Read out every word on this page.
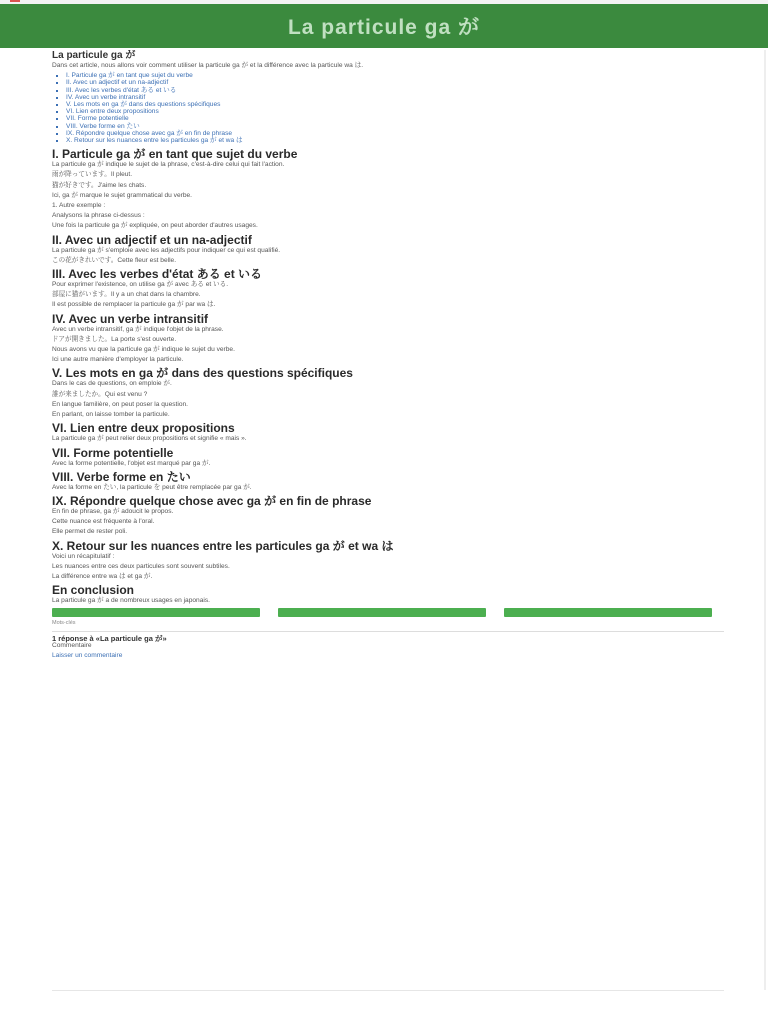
La particule ga が
La particule ga が

Dans cet article, nous allons voir comment utiliser la particule ga が et la différence avec la particule wa は.

▪ I. Particule ga が en tant que sujet du verbe
▪ II. Avec un adjectif et un na-adjectif
▪ III. Avec les verbes d'état ある et いる
▪ IV. Avec un verbe intransitif
▪ V. Les mots en ga が dans des questions spécifiques
▪ VI. Lien entre deux propositions
▪ VII. Forme potentielle
▪ VIII. Verbe forme en たい
▪ IX. Répondre quelque chose avec ga が en fin de phrase
▪ X. Retour sur les nuances entre les particules ga が et wa は
I. Particule ga が en tant que sujet du verbe

La particule ga が indique le sujet de la phrase, c'est-à-dire celui qui fait l'action.

雨が降っています。Il pleut.

猫が好きです。J'aime les chats.

Ici, ga が marque le sujet grammatical du verbe.

1. Autre exemple :

Analysons la phrase ci-dessus :

Une fois la particule ga が expliquée, on peut aborder d'autres usages.

II. Avec un adjectif et un na-adjectif

La particule ga が s'emploie avec les adjectifs pour indiquer ce qui est qualifié.

この花がきれいです。Cette fleur est belle.

III. Avec les verbes d'état ある et いる

Pour exprimer l'existence, on utilise ga が avec ある et いる.

部屋に猫がいます。Il y a un chat dans la chambre.

Il est possible de remplacer la particule ga が par wa は.

IV. Avec un verbe intransitif

Avec un verbe intransitif, ga が indique l'objet de la phrase.

ドアが開きました。La porte s'est ouverte.

Nous avons vu que la particule ga が indique le sujet du verbe.

Ici une autre manière d'employer la particule.

V. Les mots en ga が dans des questions spécifiques

Dans le cas de questions, on emploie が.

誰が来ましたか。Qui est venu ?

En langue familière, on peut poser la question.

En parlant, on laisse tomber la particule.

VI. Lien entre deux propositions

La particule ga が peut relier deux propositions et signifie « mais ».

VII. Forme potentielle

Avec la forme potentielle, l'objet est marqué par ga が.

VIII. Verbe forme en たい

Avec la forme en たい, la particule を peut être remplacée par ga が.

IX. Répondre quelque chose avec ga が en fin de phrase

En fin de phrase, ga が adoucit le propos.

Cette nuance est fréquente à l'oral.

Elle permet de rester poli.

X. Retour sur les nuances entre les particules ga が et wa は

Voici un récapitulatif :

Les nuances entre ces deux particules sont souvent subtiles.

La différence entre wa は et ga が.

En conclusion

La particule ga が a de nombreux usages en japonais.

Mots-clés
1 réponse à «La particule ga が»

Commentaire

Laisser un commentaire
